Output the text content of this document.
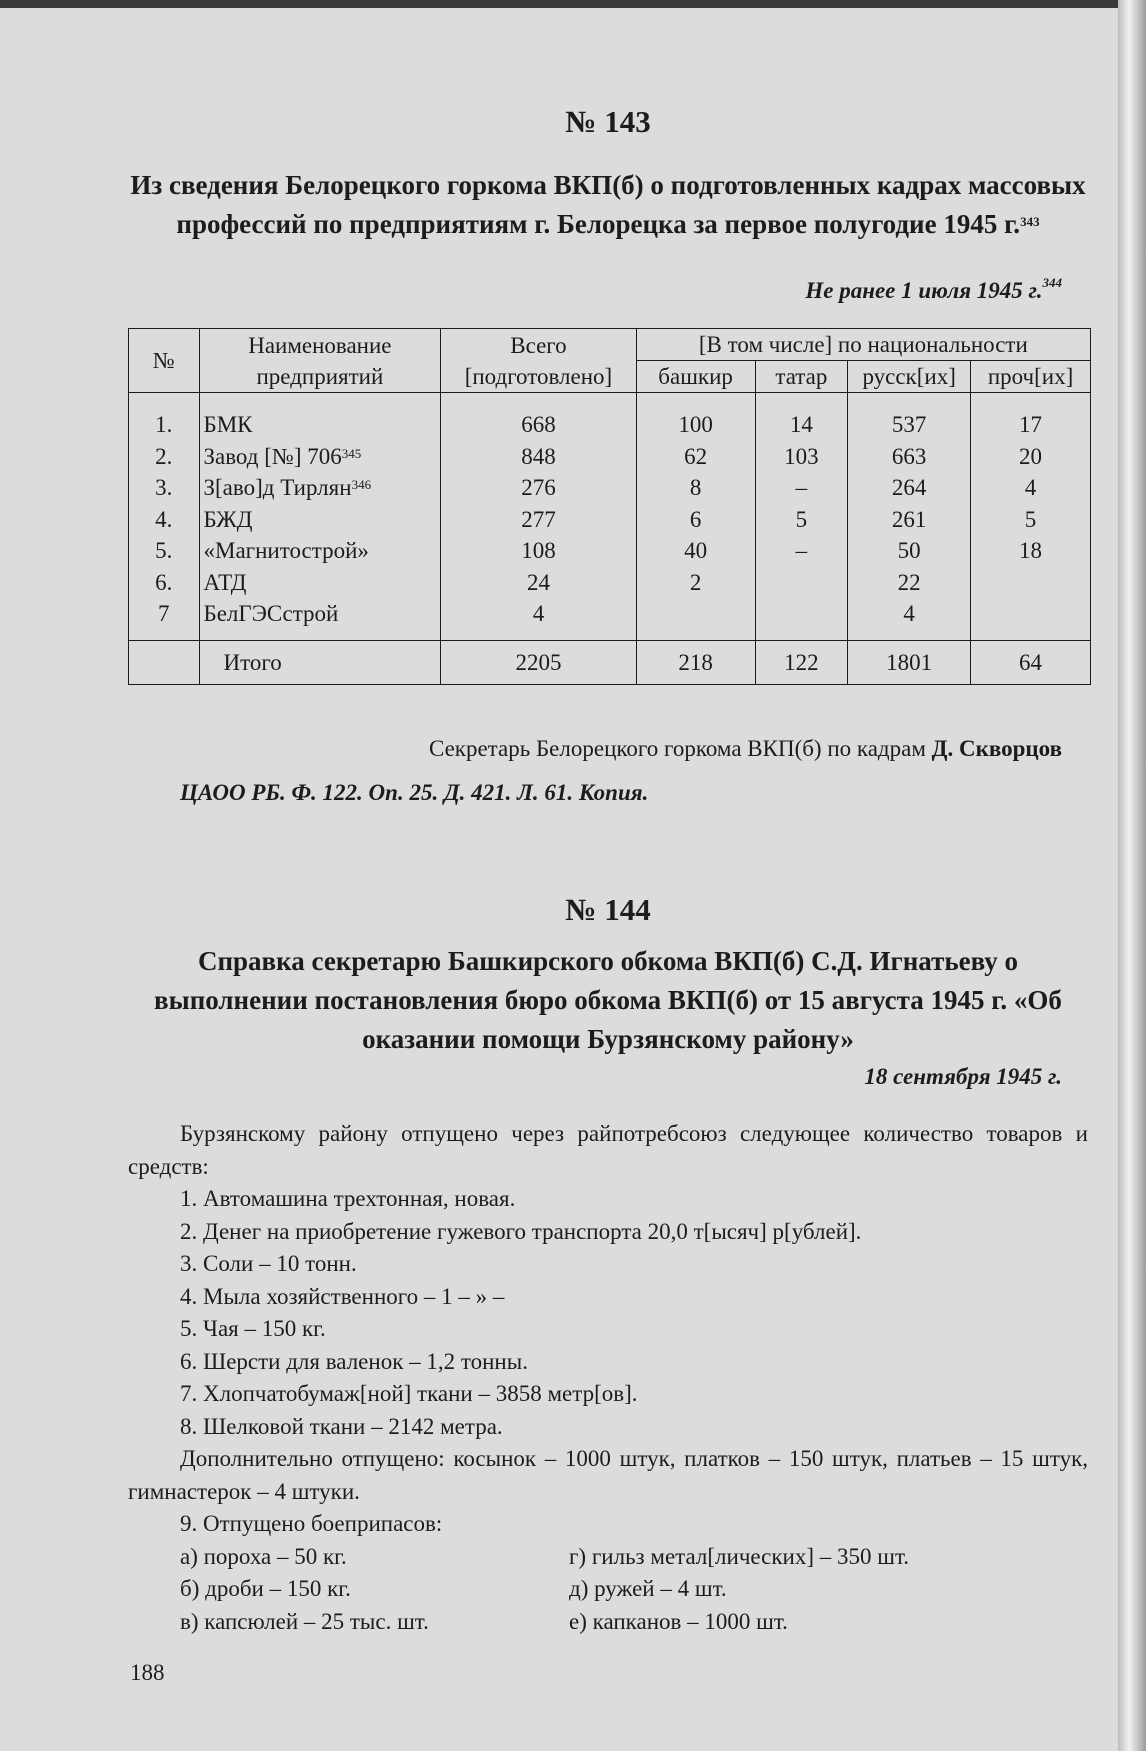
№ 143
Из сведения Белорецкого горкома ВКП(б) о подготовленных кадрах массовых профессий по предприятиям г. Белорецка за первое полугодие 1945 г.$^{343}$
Не ранее 1 июля 1945 г.$^{344}$
№	Наименование предприятий	Всего [подготовлено]	[В том числе] по национальности			
			башкир	татар	русск[их]	проч[их]
1.	БМК	668	100	14	537	17
2.	Завод [№] $706^{345}$	848	62	103	663	20
3.	З[аво]д Тирлян$^{346}$	276	8	–	264	4
4.	БЖД	277	6	5	261	5
5.	«Магнитострой»	108	40	–	50	18
6.	АТД	24	2		22	
7	БелГЭСстрой	4			4	
	Итого	2205	218	122	1801	64
Секретарь Белорецкого горкома ВКП(б) по кадрам Д. Скворцов
ЦАОО РБ. Ф. 122. Оп. 25. Д. 421. Л. 61. Копия.
№ 144
Справка секретарю Башкирского обкома ВКП(б) С.Д. Игнатьеву о выполнении постановления бюро обкома ВКП(б) от 15 августа 1945 г. «Об оказании помощи Бурзянскому району»
18 сентября 1945 г.

Бурзянскому району отпущено через райпотребсоюз следующее количество товаров и средств:

1. Автомашина трехтонная, новая.

2. Денег на приобретение гужевого транспорта 20,0 т[ысяч] р[ублей].

3. Соли – 10 тонн.

4. Мыла хозяйственного – 1 – » –

5. Чая – 150 кг.

6. Шерсти для валенок – 1,2 тонны.

7. Хлопчатобумаж[ной] ткани – 3858 метр[ов].

8. Шелковой ткани – 2142 метра.

Дополнительно отпущено: косынок – 1000 штук, платков – 150 штук, платьев – 15 штук, гимнастерок – 4 штуки.

9. Отпущено боеприпасов:

а) пороха – 50 кг.
б) дроби – 150 кг.
в) капсюлей – 25 тыс. шт.
г) гильз метал[лических] – 350 шт.
д) ружей – 4 шт.
е) капканов – 1000 шт.
188
